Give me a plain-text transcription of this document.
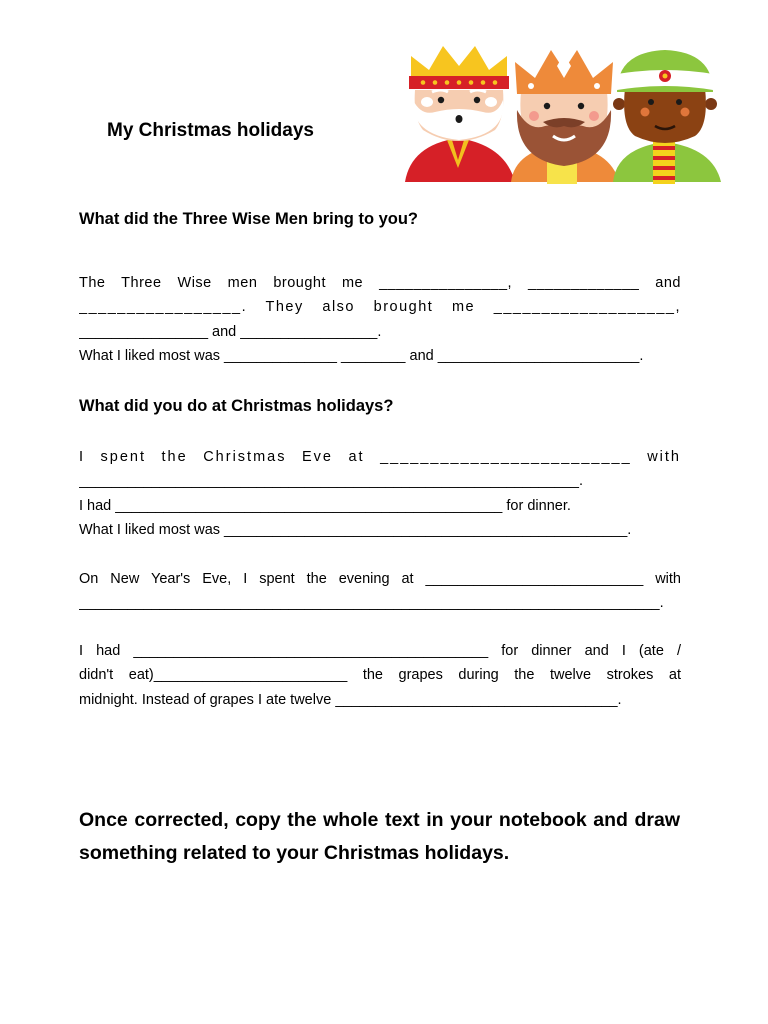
My Christmas holidays
What did the Three Wise Men bring to you?
The Three Wise men brought me _______________, _____________ and
_________________. They also brought me ___________________,
________________ and _________________.
What I liked most was ______________ ________ and _________________________.
What did you do at Christmas holidays?
I spent the Christmas Eve at _________________________ with
______________________________________________________________.
I had ________________________________________________ for dinner.
What I liked most was __________________________________________________.
On New Year's Eve, I spent the evening at ___________________________ with
________________________________________________________________________.
I had ____________________________________________ for dinner and I (ate /
didn't eat)________________________ the grapes during the twelve strokes at
midnight. Instead of grapes I ate twelve ___________________________________.

Once corrected, copy the whole text in your notebook and draw something related to your Christmas holidays.
